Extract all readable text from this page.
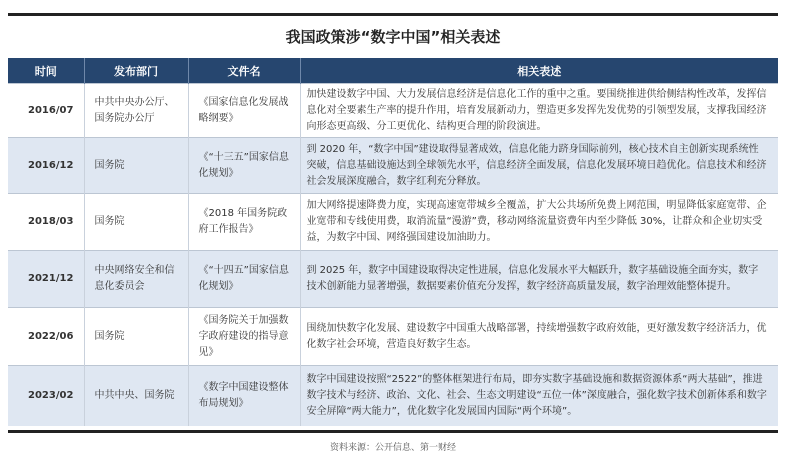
我国政策涉“数字中国”相关表述
时间	发布部门	文件名	相关表述
2016/07	中共中央办公厅、国务院办公厅	《国家信息化发展战略纲要》	加快建设数字中国、大力发展信息经济是信息化工作的重中之重。要围绕推进供给侧结构性改革，发挥信息化对全要素生产率的提升作用，培育发展新动力，塑造更多发挥先发优势的引领型发展，支撑我国经济向形态更高级、分工更优化、结构更合理的阶段演进。
2016/12	国务院	《“十三五”国家信息化规划》	到 2020 年，“数字中国”建设取得显著成效，信息化能力跻身国际前列，核心技术自主创新实现系统性突破，信息基础设施达到全球领先水平，信息经济全面发展，信息化发展环境日趋优化。信息技术和经济社会发展深度融合，数字红利充分释放。
2018/03	国务院	《2018 年国务院政府工作报告》	加大网络提速降费力度，实现高速宽带城乡全覆盖，扩大公共场所免费上网范围，明显降低家庭宽带、企业宽带和专线使用费，取消流量“漫游”费，移动网络流量资费年内至少降低 30%，让群众和企业切实受益，为数字中国、网络强国建设加油助力。
2021/12	中央网络安全和信息化委员会	《“十四五”国家信息化规划》	到 2025 年，数字中国建设取得决定性进展，信息化发展水平大幅跃升，数字基础设施全面夯实，数字技术创新能力显著增强，数据要素价值充分发挥，数字经济高质量发展，数字治理效能整体提升。
2022/06	国务院	《国务院关于加强数字政府建设的指导意见》	围绕加快数字化发展、建设数字中国重大战略部署，持续增强数字政府效能，更好激发数字经济活力，优化数字社会环境，营造良好数字生态。
2023/02	中共中央、国务院	《数字中国建设整体布局规划》	数字中国建设按照“2522”的整体框架进行布局，即夯实数字基础设施和数据资源体系“两大基础”，推进数字技术与经济、政治、文化、社会、生态文明建设“五位一体”深度融合，强化数字技术创新体系和数字安全屏障“两大能力”，优化数字化发展国内国际“两个环境”。
资料来源：公开信息、第一财经
